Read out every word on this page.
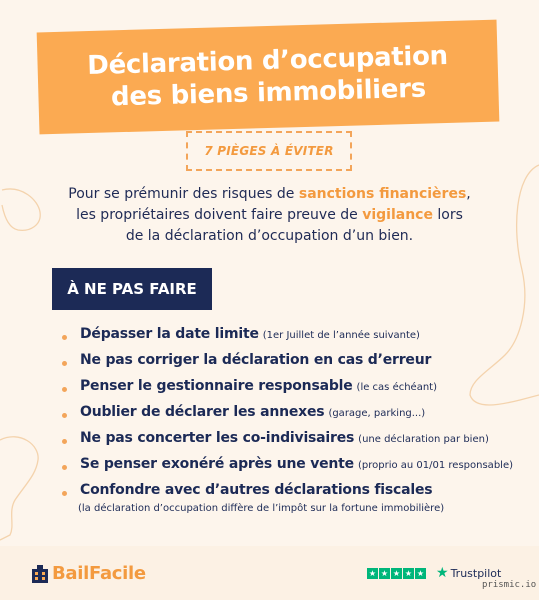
Déclaration d’occupation
des biens immobiliers
7 PIÈGES À ÉVITER
Pour se prémunir des risques de sanctions financières,
les propriétaires doivent faire preuve de vigilance lors
de la déclaration d’occupation d’un bien.
À NE PAS FAIRE
Dépasser la date limite (1er Juillet de l’année suivante)
Ne pas corriger la déclaration en cas d’erreur
Penser le gestionnaire responsable (le cas échéant)
Oublier de déclarer les annexes (garage, parking...)
Ne pas concerter les co-indivisaires (une déclaration par bien)
Se penser exonéré après une vente (proprio au 01/01 responsable)
Confondre avec d’autres déclarations fiscales
(la déclaration d’occupation diffère de l’impôt sur la fortune immobilière)
BailFacile	★ ★ ★ ★ ★ ★ Trustpilot
prismic.io
